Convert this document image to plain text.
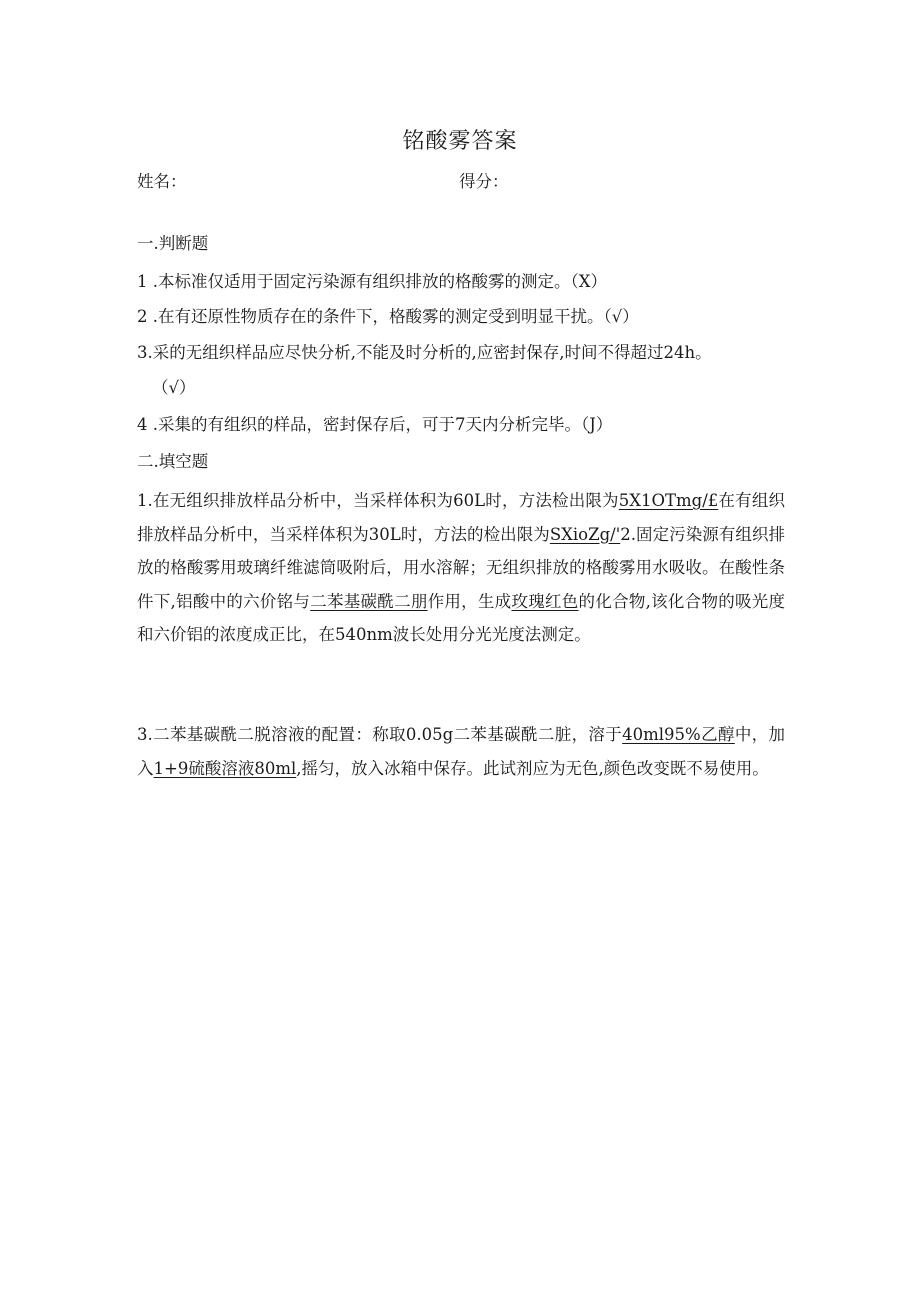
铭酸雾答案
姓名：	得分：
一.判断题
1 .本标准仅适用于固定污染源有组织排放的格酸雾的测定。（X）
2 .在有还原性物质存在的条件下，格酸雾的测定受到明显干扰。（√）
3.采的无组织样品应尽快分析,不能及时分析的,应密封保存,时间不得超过24h。
（√）
4 .采集的有组织的样品，密封保存后，可于7天内分析完毕。（J）
二.填空题
1.在无组织排放样品分析中，当采样体积为60L时，方法检出限为5X1OTmg/£在有组织排放样品分析中，当采样体积为30L时，方法的检出限为SXioZg/'2.固定污染源有组织排放的格酸雾用玻璃纤维滤筒吸附后，用水溶解；无组织排放的格酸雾用水吸收。在酸性条件下,铝酸中的六价铭与二苯基碳酰二朋作用，生成玫瑰红色的化合物,该化合物的吸光度和六价铝的浓度成正比，在540nm波长处用分光光度法测定。
3.二苯基碳酰二脱溶液的配置：称取0.05g二苯基碳酰二脏，溶于40ml95%乙醇中，加入1+9硫酸溶液80ml,摇匀，放入冰箱中保存。此试剂应为无色,颜色改变既不易使用。
